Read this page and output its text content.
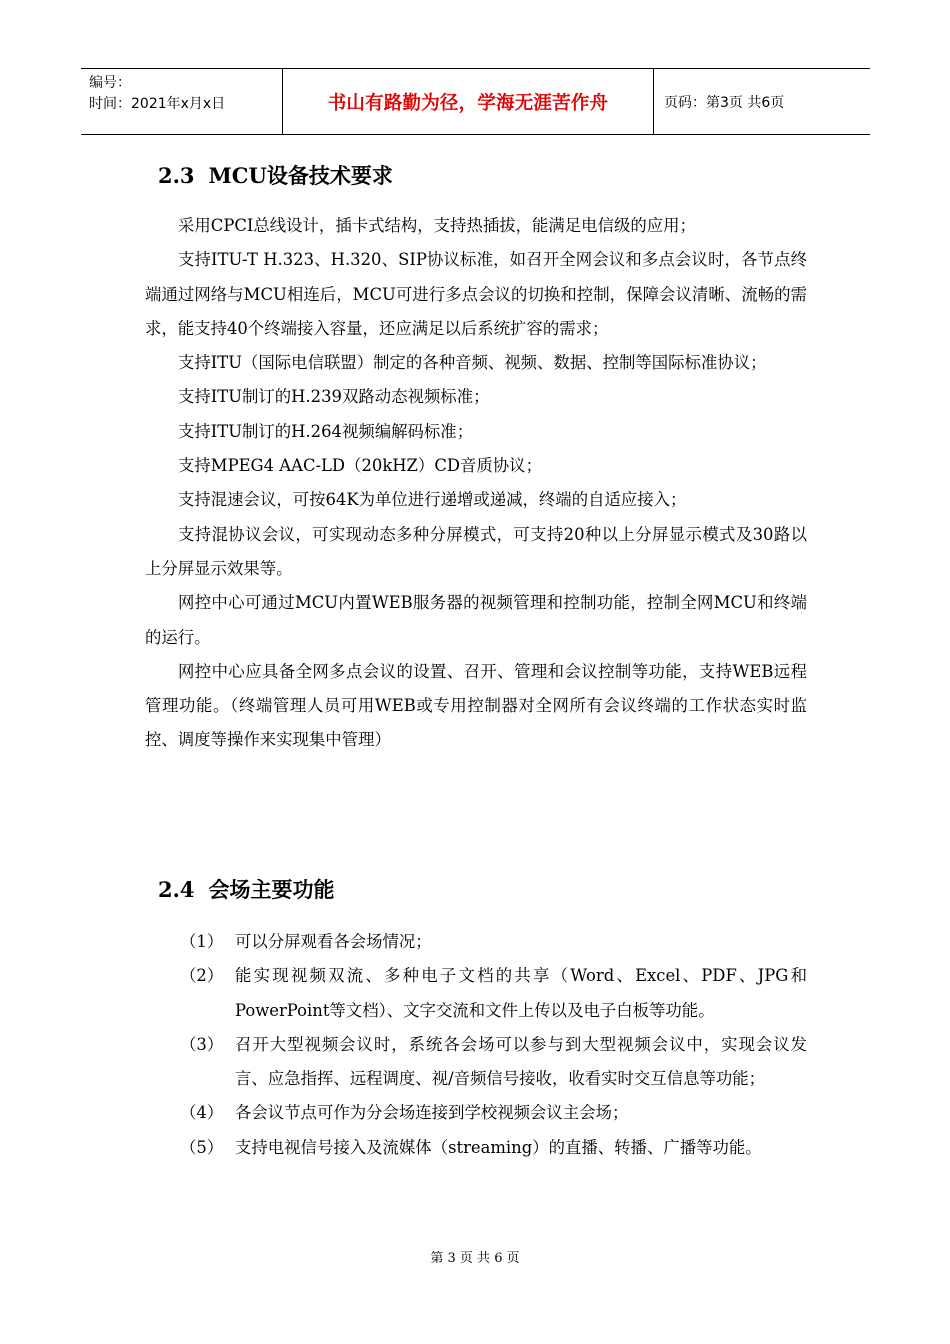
编号：
时间：2021年x月x日	书山有路勤为径，学海无涯苦作舟	页码：第3页 共6页
2.3 MCU设备技术要求

采用CPCI总线设计，插卡式结构，支持热插拔，能满足电信级的应用；

支持ITU-T H.323、H.320、SIP协议标准，如召开全网会议和多点会议时，各节点终端通过网络与MCU相连后，MCU可进行多点会议的切换和控制，保障会议清晰、流畅的需求，能支持40个终端接入容量，还应满足以后系统扩容的需求；

支持ITU（国际电信联盟）制定的各种音频、视频、数据、控制等国际标准协议；

支持ITU制订的H.239双路动态视频标准；

支持ITU制订的H.264视频编解码标准；

支持MPEG4 AAC-LD（20kHZ）CD音质协议；

支持混速会议，可按64K为单位进行递增或递减，终端的自适应接入；

支持混协议会议，可实现动态多种分屏模式，可支持20种以上分屏显示模式及30路以上分屏显示效果等。

网控中心可通过MCU内置WEB服务器的视频管理和控制功能，控制全网MCU和终端的运行。

网控中心应具备全网多点会议的设置、召开、管理和会议控制等功能，支持WEB远程管理功能。（终端管理人员可用WEB或专用控制器对全网所有会议终端的工作状态实时监控、调度等操作来实现集中管理）

2.4 会场主要功能
（1） 可以分屏观看各会场情况；
（2） 能实现视频双流、多种电子文档的共享（Word、Excel、PDF、JPG和PowerPoint等文档）、文字交流和文件上传以及电子白板等功能。
（3） 召开大型视频会议时，系统各会场可以参与到大型视频会议中，实现会议发言、应急指挥、远程调度、视/音频信号接收，收看实时交互信息等功能；
（4） 各会议节点可作为分会场连接到学校视频会议主会场；
（5） 支持电视信号接入及流媒体（streaming）的直播、转播、广播等功能。
第 3 页 共 6 页
